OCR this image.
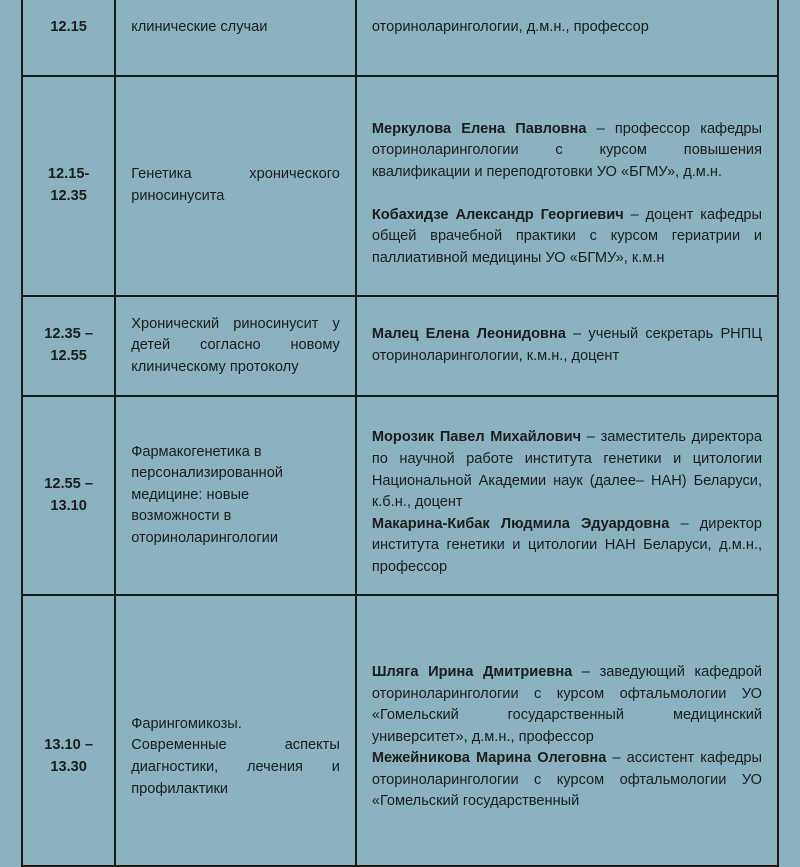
12.15	клинические случаи	оториноларингологии, д.м.н., профессор

12.15- 12.35	Генетика хронического риносинусита	Меркулова Елена Павловна – профессор кафедры оториноларингологии с курсом повышения квалификации и переподготовки УО «БГМУ», д.м.н.
Кобахидзе Александр Георгиевич – доцент кафедры общей врачебной практики с курсом гериатрии и паллиативной медицины УО «БГМУ», к.м.н

12.35 – 12.55	Хронический риносинусит у детей согласно новому клиническому протоколу	Малец Елена Леонидовна – ученый секретарь РНПЦ оториноларингологии, к.м.н., доцент

12.55 – 13.10	Фармакогенетика в персонализированной медицине: новые возможности в оториноларингологии	Морозик Павел Михайлович – заместитель директора по научной работе института генетики и цитологии Национальной Академии наук (далее– НАН) Беларуси, к.б.н., доцент
Макарина-Кибак Людмила Эдуардовна – директор института генетики и цитологии НАН Беларуси, д.м.н., профессор

13.10 – 13.30	Фарингомикозы. Современные аспекты диагностики, лечения и профилактики	Шляга Ирина Дмитриевна – заведующий кафедрой оториноларингологии с курсом офтальмологии УО «Гомельский государственный медицинский университет», д.м.н., профессор
Межейникова Марина Олеговна – ассистент кафедры оториноларингологии с курсом офтальмологии УО «Гомельский государственный
